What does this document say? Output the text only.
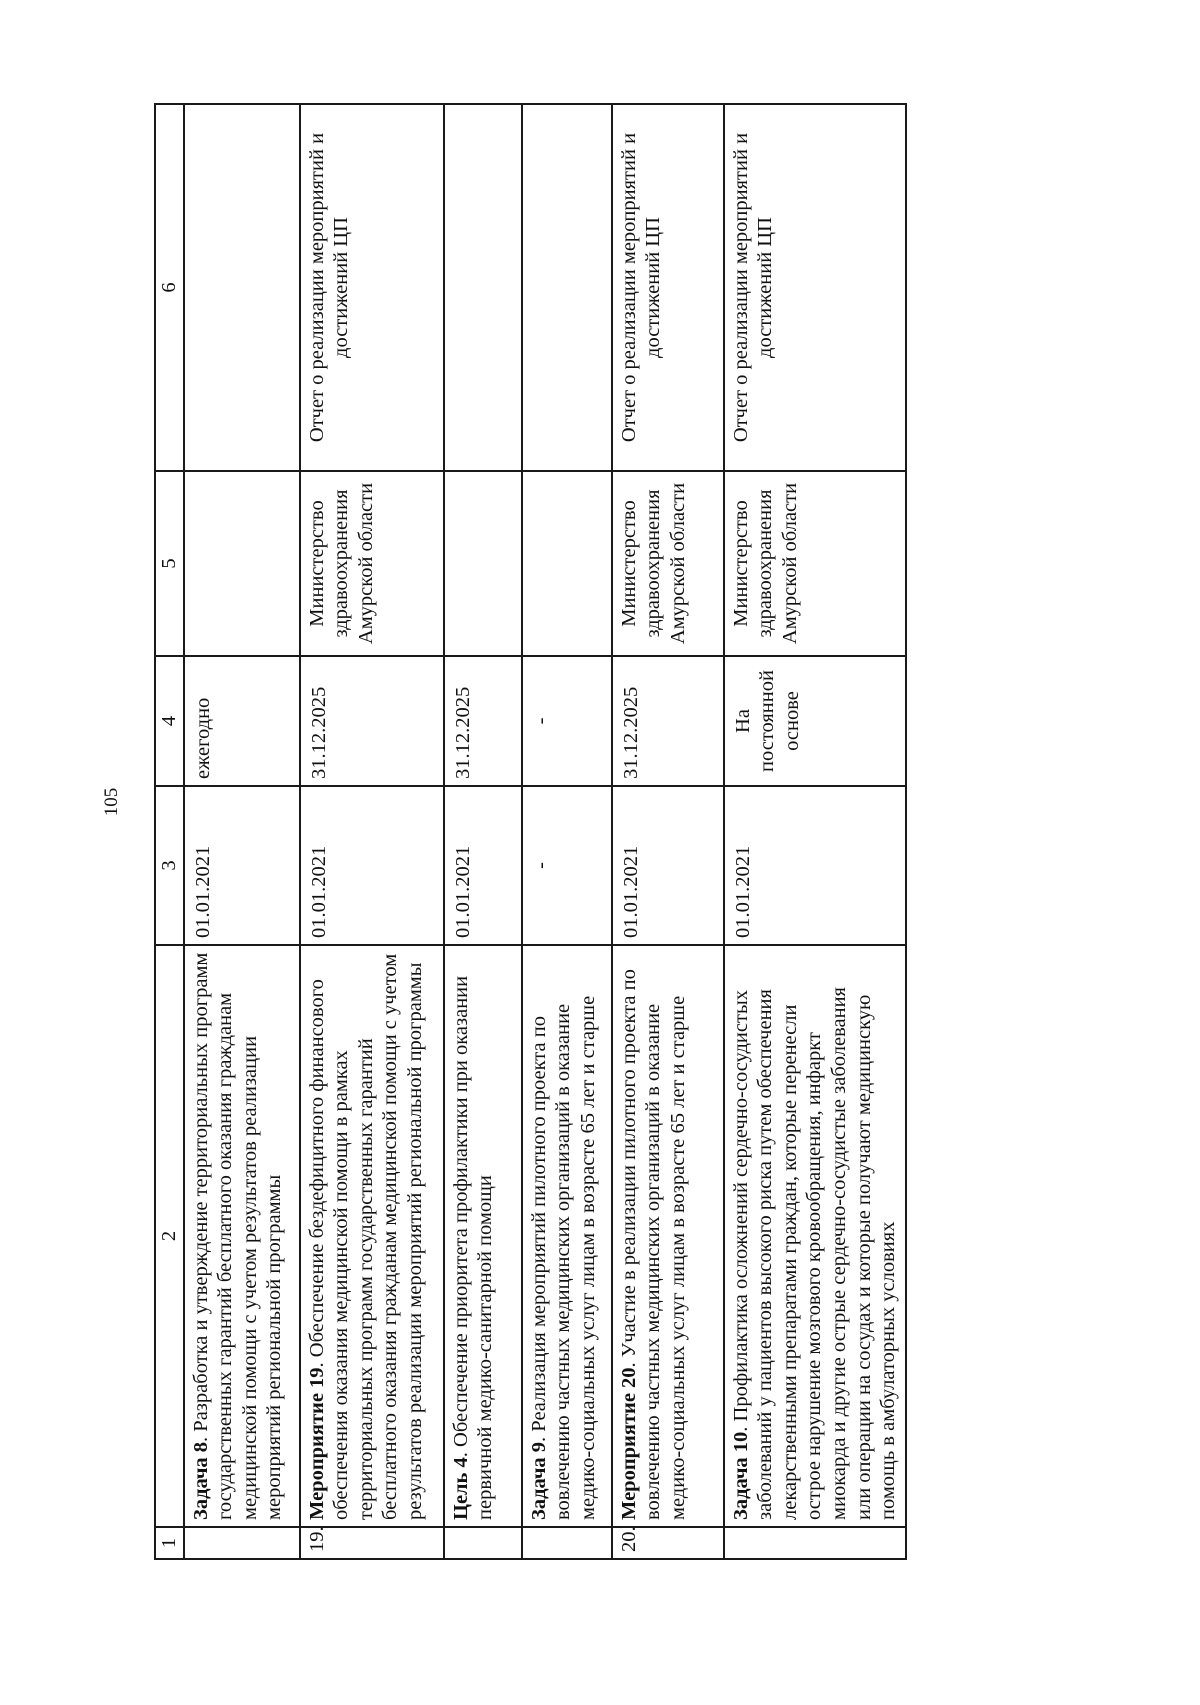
105
1	2	3	4	5	6
	Задача 8. Разработка и утверждение территориальных программ государственных гарантий бесплатного оказания гражданам медицинской помощи с учетом результатов реализации мероприятий региональной программы	01.01.2021	ежегодно		
19.	Мероприятие 19. Обеспечение бездефицитного финансового обеспечения оказания медицинской помощи в рамках территориальных программ государственных гарантий бесплатного оказания гражданам медицинской помощи с учетом результатов реализации мероприятий региональной программы	01.01.2021	31.12.2025	Министерство здравоохранения Амурской области	Отчет о реализации мероприятий и достижений ЦП
	Цель 4. Обеспечение приоритета профилактики при оказании первичной медико-санитарной помощи	01.01.2021	31.12.2025		
	Задача 9. Реализация мероприятий пилотного проекта по вовлечению частных медицинских организаций в оказание медико-социальных услуг лицам в возрасте 65 лет и старше	-	-		
20.	Мероприятие 20. Участие в реализации пилотного проекта по вовлечению частных медицинских организаций в оказание медико-социальных услуг лицам в возрасте 65 лет и старше	01.01.2021	31.12.2025	Министерство здравоохранения Амурской области	Отчет о реализации мероприятий и достижений ЦП
	Задача 10. Профилактика осложнений сердечно-сосудистых заболеваний у пациентов высокого риска путем обеспечения лекарственными препаратами граждан, которые перенесли острое нарушение мозгового кровообращения, инфаркт миокарда и другие острые сердечно-сосудистые заболевания или операции на сосудах и которые получают медицинскую помощь в амбулаторных условиях	01.01.2021	На постоянной основе	Министерство здравоохранения Амурской области	Отчет о реализации мероприятий и достижений ЦП
